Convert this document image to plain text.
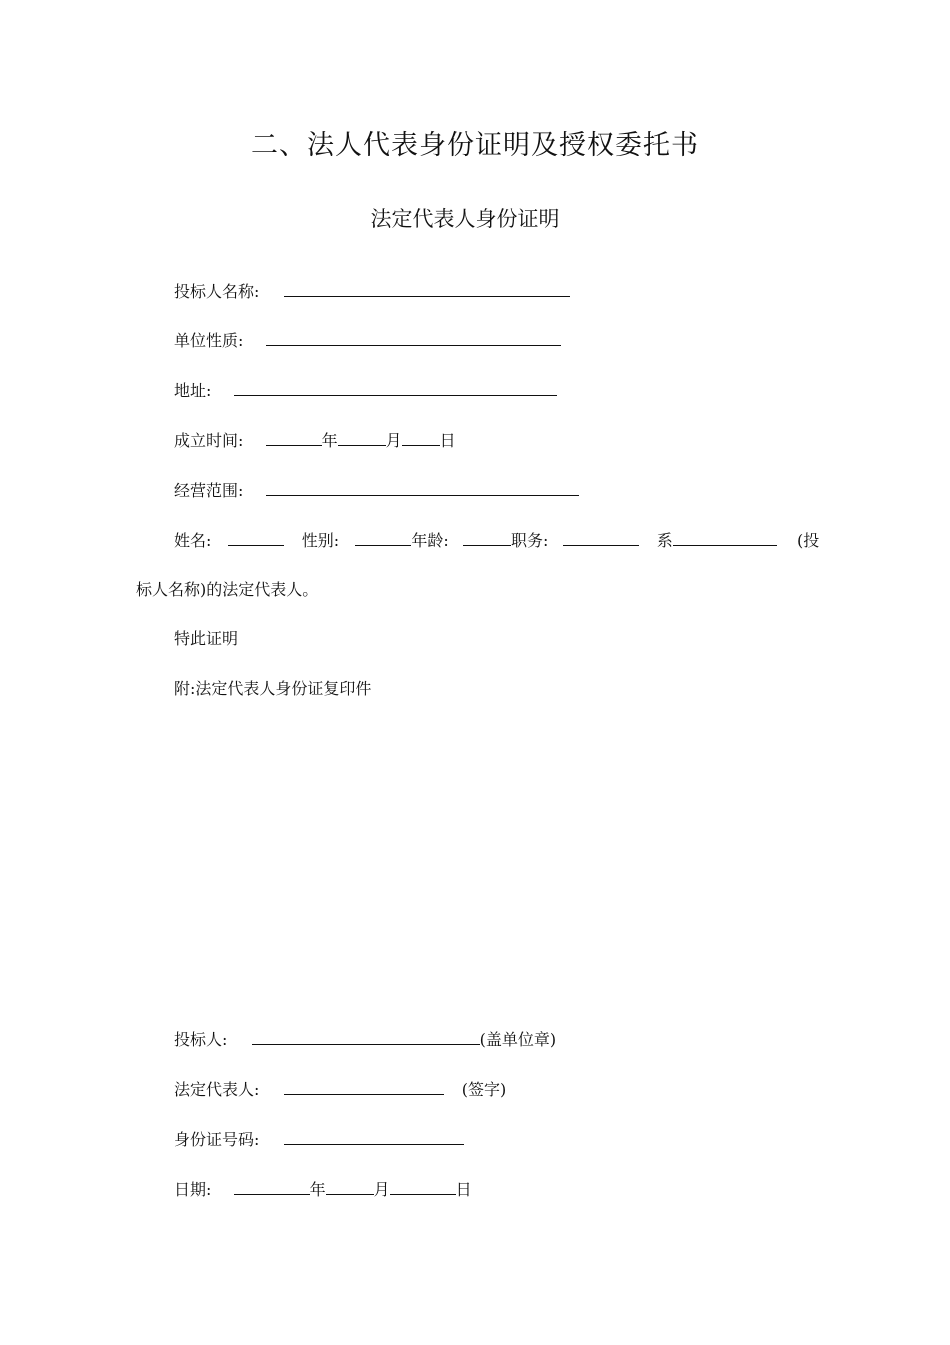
二、法人代表身份证明及授权委托书
法定代表人身份证明
投标人名称:
单位性质:
地址:
成立时间:	年	月 日
经营范围:
姓名:	性别:	年龄:	职务:	系	(投
标人名称)的法定代表人。
特此证明
附:法定代表人身份证复印件
投标人:	(盖单位章)
法定代表人:	(签字)
身份证号码:
日期:	年	月	日
